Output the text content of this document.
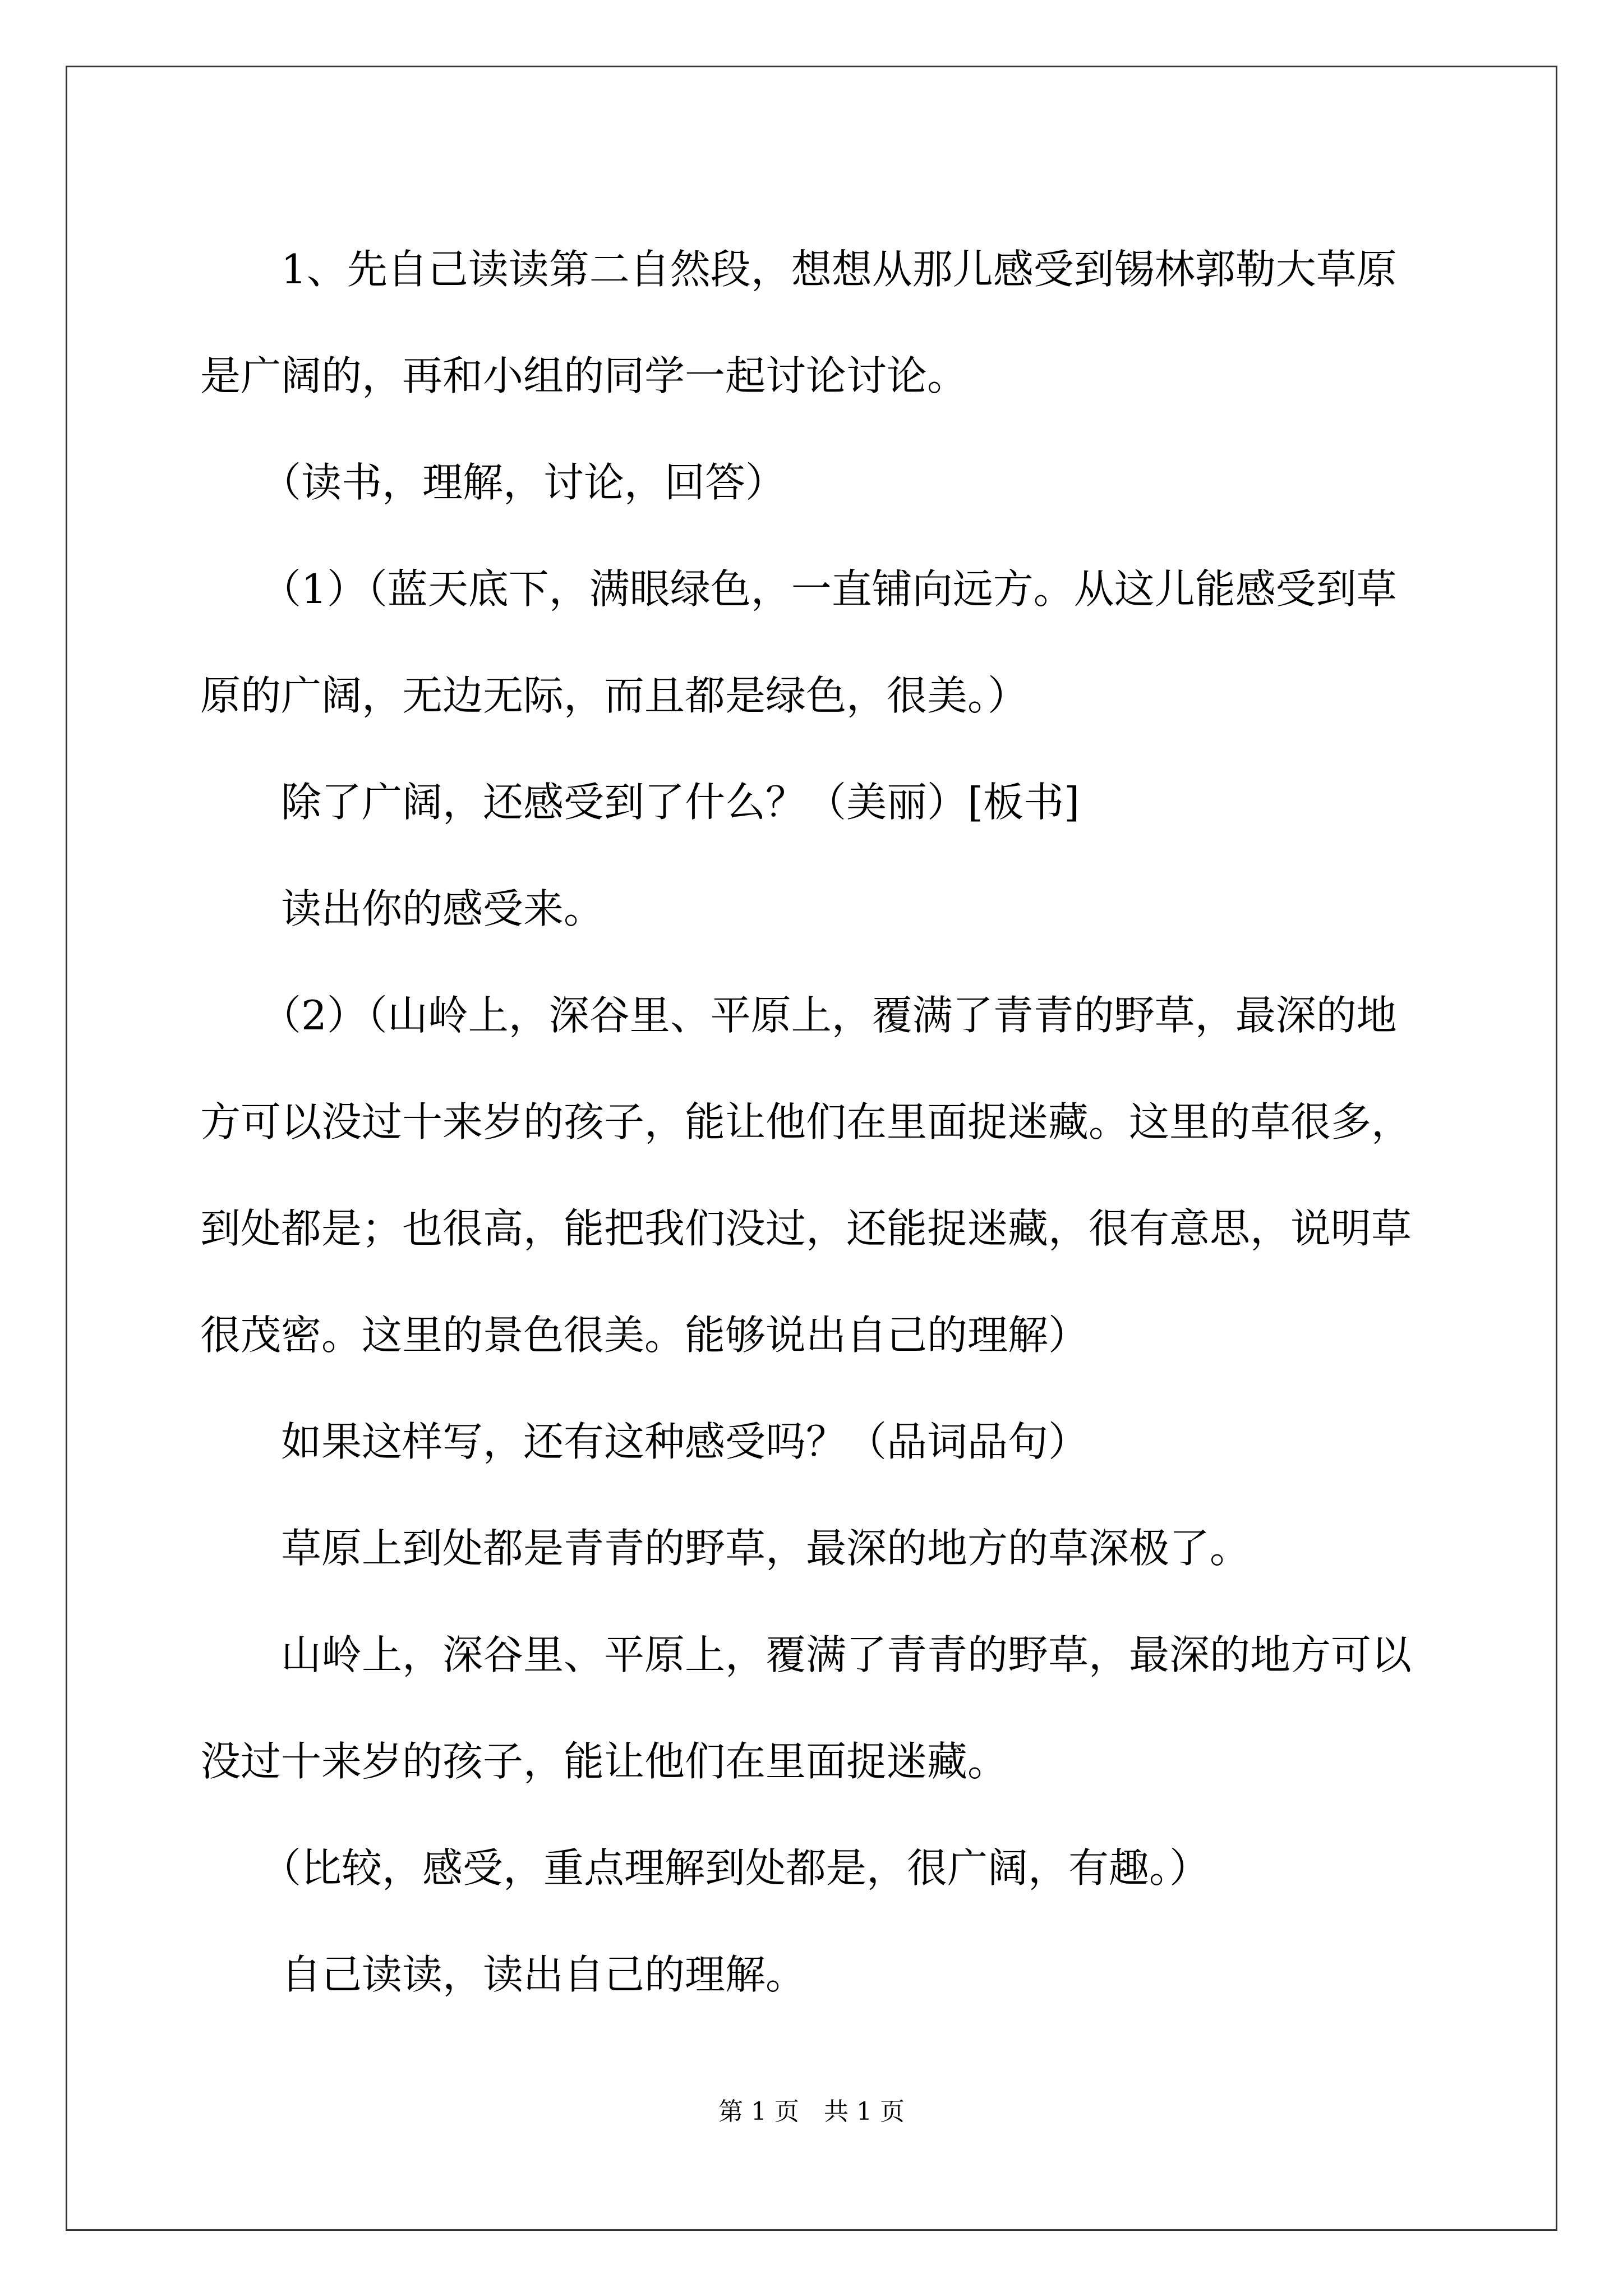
1、先自己读读第二自然段，想想从那儿感受到锡林郭勒大草原是广阔的，再和小组的同学一起讨论讨论。

（读书，理解，讨论，回答）

（1）（蓝天底下，满眼绿色，一直铺向远方。从这儿能感受到草原的广阔，无边无际，而且都是绿色，很美。）

除了广阔，还感受到了什么？（美丽）[板书]

读出你的感受来。

（2）（山岭上，深谷里、平原上，覆满了青青的野草，最深的地方可以没过十来岁的孩子，能让他们在里面捉迷藏。这里的草很多，到处都是；也很高，能把我们没过，还能捉迷藏，很有意思，说明草很茂密。这里的景色很美。能够说出自己的理解）

如果这样写，还有这种感受吗？（品词品句）

草原上到处都是青青的野草，最深的地方的草深极了。

山岭上，深谷里、平原上，覆满了青青的野草，最深的地方可以没过十来岁的孩子，能让他们在里面捉迷藏。

（比较，感受，重点理解到处都是，很广阔，有趣。）

自己读读，读出自己的理解。

第 1 页　共 1 页
